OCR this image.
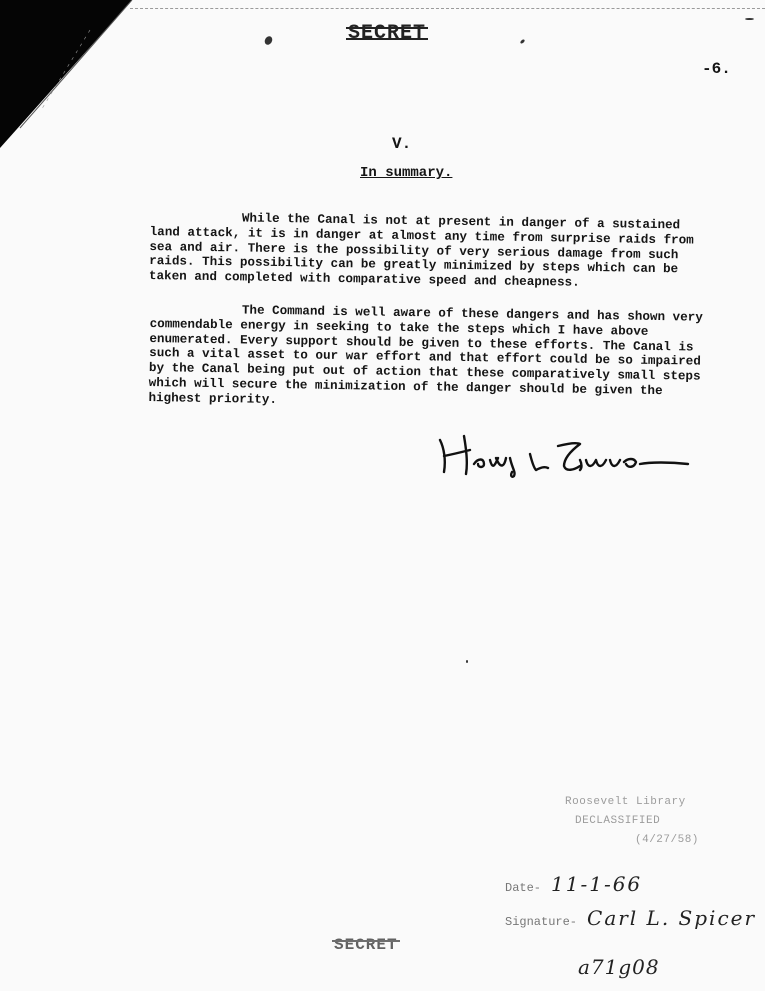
SECRET
-6.
V.
In summary.

While the Canal is not at present in danger of a sustained land attack, it is in danger at almost any time from surprise raids from sea and air. There is the possibility of very serious damage from such raids. This possibility can be greatly minimized by steps which can be taken and completed with comparative speed and cheapness.

The Command is well aware of these dangers and has shown very commendable energy in seeking to take the steps which I have above enumerated. Every support should be given to these efforts. The Canal is such a vital asset to our war effort and that effort could be so impaired by the Canal being put out of action that these comparatively small steps which will secure the minimization of the danger should be given the highest priority.

Roosevelt Library
DECLASSIFIED
(4/27/58)
Date- 11-1-66
Signature- Carl L. Spicer
SECRET
a71g08
